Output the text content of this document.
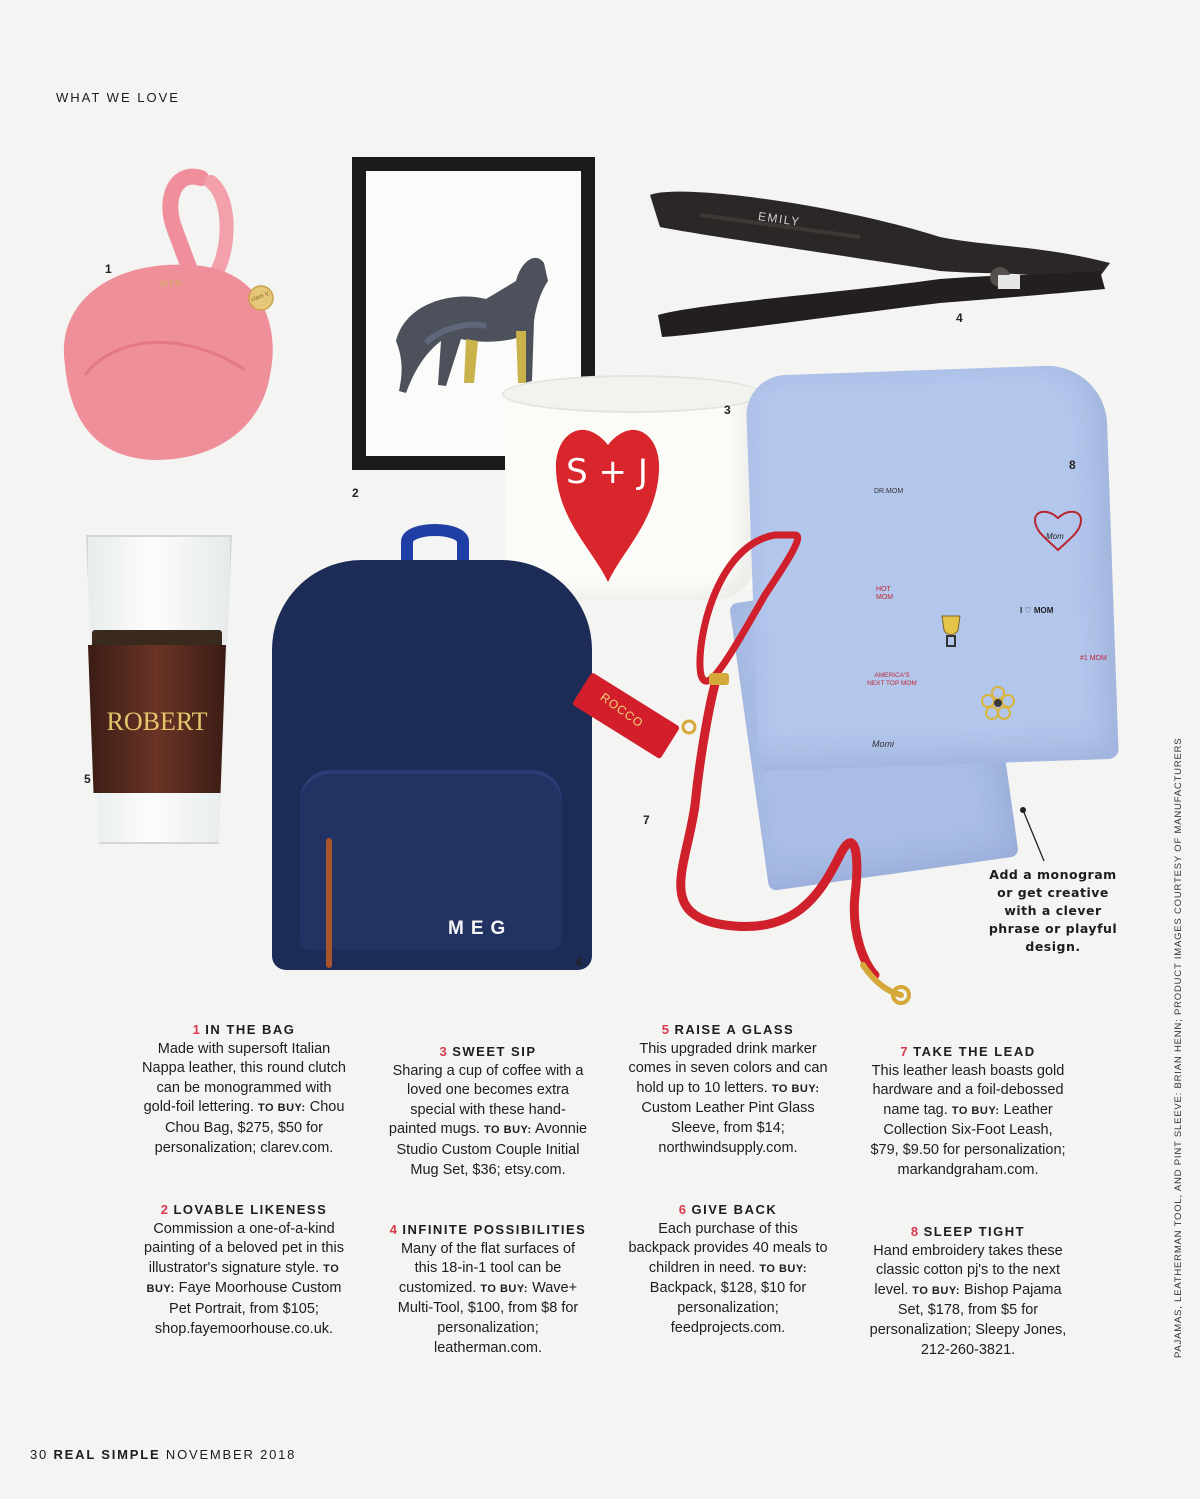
WHAT WE LOVE
MTR
clare V.
1
2
EMILY
4
S + J
3
ROBERT
5
MEG
6
DR.MOM
Mom
I ♡ MOM
HOT MOM
AMERICA'S NEXT TOP MOM
#1 MOM
Momi
8
ROCCO
7
Add a monogram or get creative with a clever phrase or playful design.
1 IN THE BAG
Made with supersoft Italian Nappa leather, this round clutch can be monogrammed with gold-foil lettering. TO BUY: Chou Chou Bag, $275, $50 for personalization; clarev.com.
2 LOVABLE LIKENESS
Commission a one-of-a-kind painting of a beloved pet in this illustrator's signature style. TO BUY: Faye Moorhouse Custom Pet Portrait, from $105; shop.fayemoorhouse.co.uk.
3 SWEET SIP
Sharing a cup of coffee with a loved one becomes extra special with these hand-painted mugs. TO BUY: Avonnie Studio Custom Couple Initial Mug Set, $36; etsy.com.
4 INFINITE POSSIBILITIES
Many of the flat surfaces of this 18-in-1 tool can be customized. TO BUY: Wave+ Multi-Tool, $100, from $8 for personalization; leatherman.com.
5 RAISE A GLASS
This upgraded drink marker comes in seven colors and can hold up to 10 letters. TO BUY: Custom Leather Pint Glass Sleeve, from $14; northwindsupply.com.
6 GIVE BACK
Each purchase of this backpack provides 40 meals to children in need. TO BUY: Backpack, $128, $10 for personalization; feedprojects.com.
7 TAKE THE LEAD
This leather leash boasts gold hardware and a foil-debossed name tag. TO BUY: Leather Collection Six-Foot Leash, $79, $9.50 for personalization; markandgraham.com.
8 SLEEP TIGHT
Hand embroidery takes these classic cotton pj's to the next level. TO BUY: Bishop Pajama Set, $178, from $5 for personalization; Sleepy Jones, 212-260-3821.	PAJAMAS, LEATHERMAN TOOL, AND PINT SLEEVE: BRIAN HENN; PRODUCT IMAGES COURTESY OF MANUFACTURERS
30 REAL SIMPLE NOVEMBER 2018
